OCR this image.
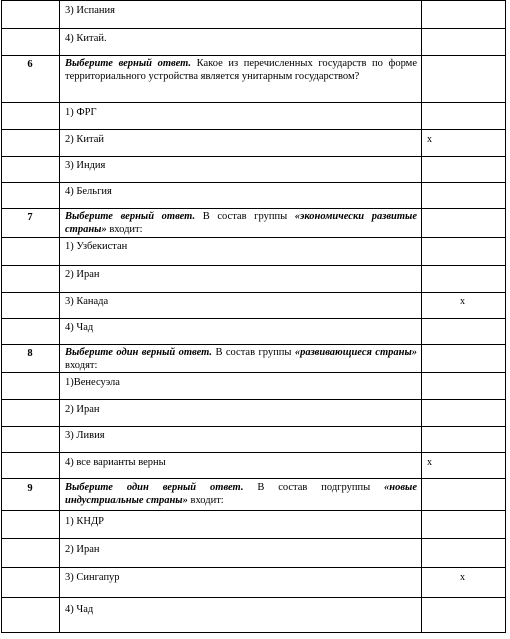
3) Испания
4) Китай.
6	Выберите верный ответ. Какое из перечисленных государств по форме территориального устройства является унитарным государством?
1) ФРГ
2) Китай	х
3) Индия
4) Бельгия
7	Выберите верный ответ. В состав группы «экономически развитые страны» входит:
1) Узбекистан
2) Иран
3) Канада	х
4) Чад
8	Выберите один верный ответ. В состав группы «развивающиеся страны» входят:
1)Венесуэла
2) Иран
3) Ливия
4) все варианты верны	х
9	Выберите один верный ответ. В состав подгруппы «новые индустриальные страны» входит:
1) КНДР
2) Иран
3) Сингапур	х
4) Чад
